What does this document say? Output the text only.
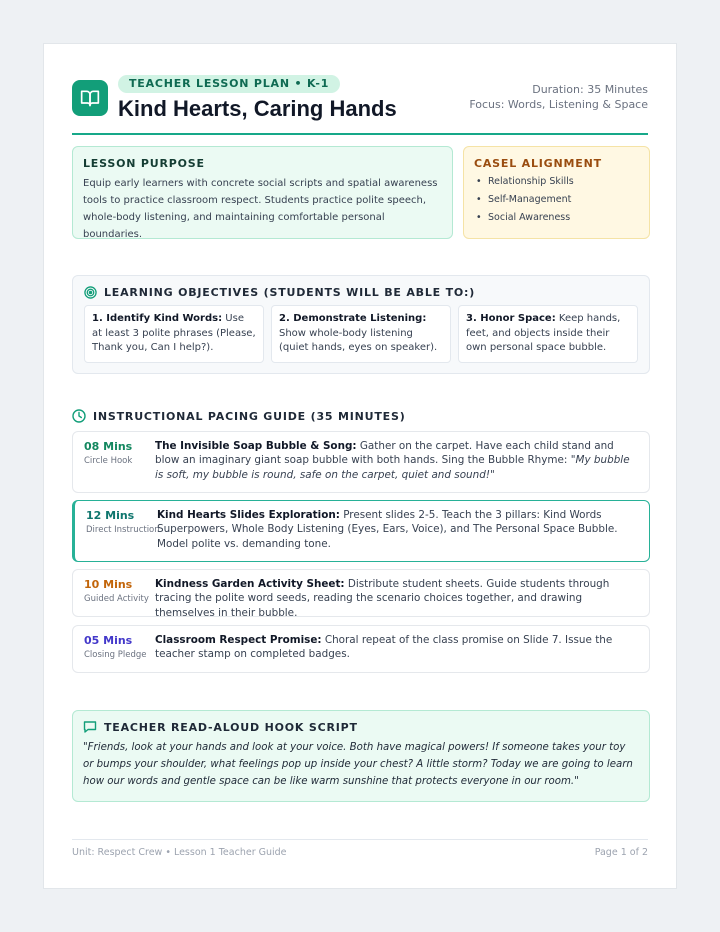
TEACHER LESSON PLAN • K-1
Kind Hearts, Caring Hands
Duration: 35 Minutes
Focus: Words, Listening & Space
LESSON PURPOSE

Equip early learners with concrete social scripts and spatial awareness tools to practice classroom respect. Students practice polite speech, whole-body listening, and maintaining comfortable personal boundaries.

CASEL ALIGNMENT
• Relationship Skills
• Self-Management
• Social Awareness
LEARNING OBJECTIVES (STUDENTS WILL BE ABLE TO:)
1. Identify Kind Words: Use at least 3 polite phrases (Please, Thank you, Can I help?).
2. Demonstrate Listening: Show whole-body listening (quiet hands, eyes on speaker).
3. Honor Space: Keep hands, feet, and objects inside their own personal space bubble.
INSTRUCTIONAL PACING GUIDE (35 MINUTES)
08 Mins
Circle Hook
The Invisible Soap Bubble & Song: Gather on the carpet. Have each child stand and blow an imaginary giant soap bubble with both hands. Sing the Bubble Rhyme: "My bubble is soft, my bubble is round, safe on the carpet, quiet and sound!"
12 Mins
Direct Instruction
Kind Hearts Slides Exploration: Present slides 2-5. Teach the 3 pillars: Kind Words Superpowers, Whole Body Listening (Eyes, Ears, Voice), and The Personal Space Bubble. Model polite vs. demanding tone.
10 Mins
Guided Activity
Kindness Garden Activity Sheet: Distribute student sheets. Guide students through tracing the polite word seeds, reading the scenario choices together, and drawing themselves in their bubble.
05 Mins
Closing Pledge
Classroom Respect Promise: Choral repeat of the class promise on Slide 7. Issue the teacher stamp on completed badges.
TEACHER READ-ALOUD HOOK SCRIPT

"Friends, look at your hands and look at your voice. Both have magical powers! If someone takes your toy or bumps your shoulder, what feelings pop up inside your chest? A little storm? Today we are going to learn how our words and gentle space can be like warm sunshine that protects everyone in our room."

Unit: Respect Crew • Lesson 1 Teacher Guide	Page 1 of 2
